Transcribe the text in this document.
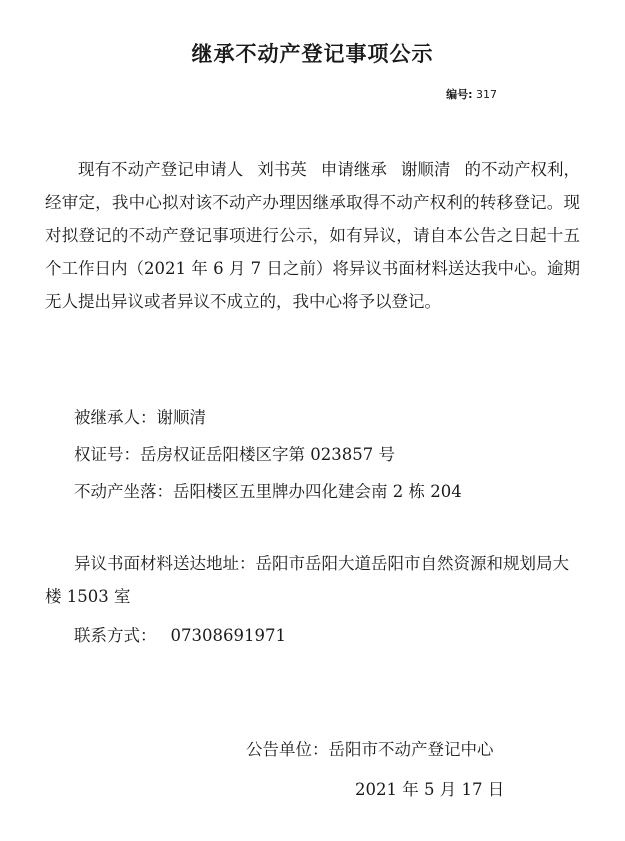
继承不动产登记事项公示
编号: 317
现有不动产登记申请人 刘书英 申请继承 谢顺清 的不动产权利，经审定，我中心拟对该不动产办理因继承取得不动产权利的转移登记。现对拟登记的不动产登记事项进行公示，如有异议，请自本公告之日起十五个工作日内（2021 年 6 月 7 日之前）将异议书面材料送达我中心。逾期无人提出异议或者异议不成立的，我中心将予以登记。
被继承人：谢顺清
权证号：岳房权证岳阳楼区字第 023857 号
不动产坐落：岳阳楼区五里牌办四化建会南 2 栋 204
异议书面材料送达地址：岳阳市岳阳大道岳阳市自然资源和规划局大楼 1503 室
联系方式： 07308691971
公告单位：岳阳市不动产登记中心
2021 年 5 月 17 日
